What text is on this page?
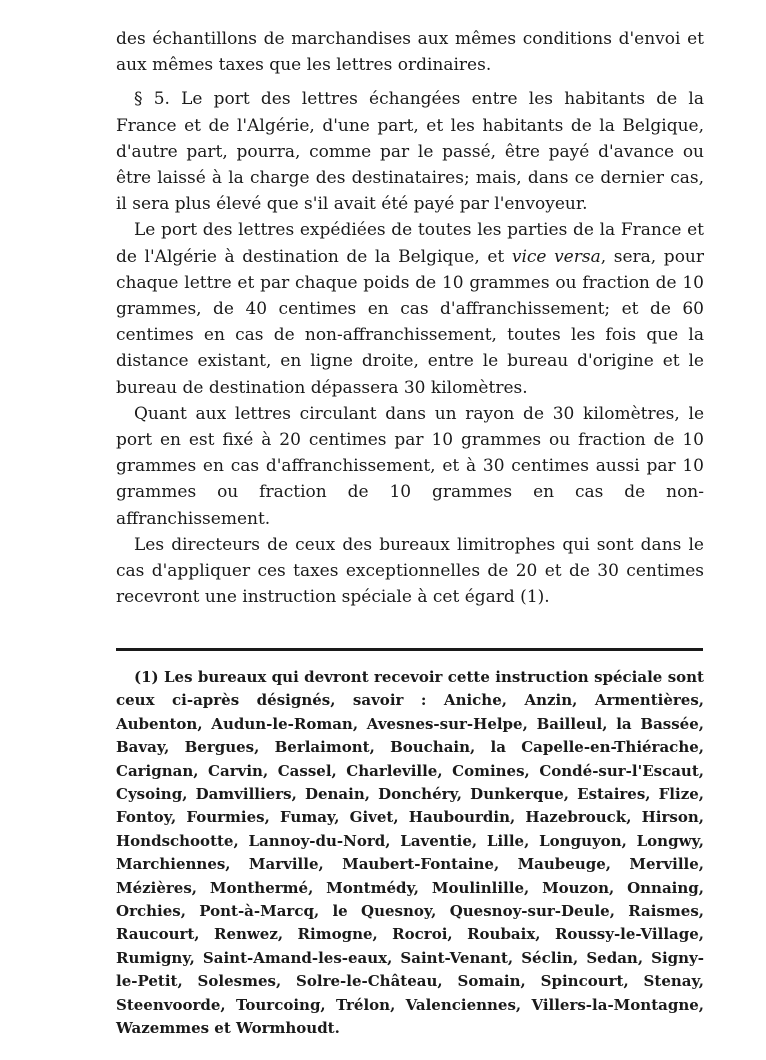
des échantillons de marchandises aux mêmes conditions d'envoi et aux mêmes taxes que les lettres ordinaires.

§ 5. Le port des lettres échangées entre les habitants de la France et de l'Algérie, d'une part, et les habitants de la Belgique, d'autre part, pourra, comme par le passé, être payé d'avance ou être laissé à la charge des destinataires; mais, dans ce dernier cas, il sera plus élevé que s'il avait été payé par l'envoyeur.

Le port des lettres expédiées de toutes les parties de la France et de l'Algérie à destination de la Belgique, et vice versa, sera, pour chaque lettre et par chaque poids de 10 grammes ou fraction de 10 grammes, de 40 centimes en cas d'affranchissement; et de 60 centimes en cas de non-affranchissement, toutes les fois que la distance existant, en ligne droite, entre le bureau d'origine et le bureau de destination dépassera 30 kilomètres.

Quant aux lettres circulant dans un rayon de 30 kilomètres, le port en est fixé à 20 centimes par 10 grammes ou fraction de 10 grammes en cas d'affranchissement, et à 30 centimes aussi par 10 grammes ou fraction de 10 grammes en cas de non-affranchissement.

Les directeurs de ceux des bureaux limitrophes qui sont dans le cas d'appliquer ces taxes exceptionnelles de 20 et de 30 centimes recevront une instruction spéciale à cet égard (1).

(1) Les bureaux qui devront recevoir cette instruction spéciale sont ceux ci-après désignés, savoir : Aniche, Anzin, Armentières, Aubenton, Audun-le-Roman, Avesnes-sur-Helpe, Bailleul, la Bassée, Bavay, Bergues, Berlaimont, Bouchain, la Capelle-en-Thiérache, Carignan, Carvin, Cassel, Charleville, Comines, Condé-sur-l'Escaut, Cysoing, Damvilliers, Denain, Donchéry, Dunkerque, Estaires, Flize, Fontoy, Fourmies, Fumay, Givet, Haubourdin, Hazebrouck, Hirson, Hondschootte, Lannoy-du-Nord, Laventie, Lille, Longuyon, Longwy, Marchiennes, Marville, Maubert-Fontaine, Maubeuge, Merville, Mézières, Monthermé, Montmédy, Moulinlille, Mouzon, Onnaing, Orchies, Pont-à-Marcq, le Quesnoy, Quesnoy-sur-Deule, Raismes, Raucourt, Renwez, Rimogne, Rocroi, Roubaix, Roussy-le-Village, Rumigny, Saint-Amand-les-eaux, Saint-Venant, Séclin, Sedan, Signy-le-Petit, Solesmes, Solre-le-Château, Somain, Spincourt, Stenay, Steenvoorde, Tourcoing, Trélon, Valenciennes, Villers-la-Montagne, Wazemmes et Wormhoudt.
